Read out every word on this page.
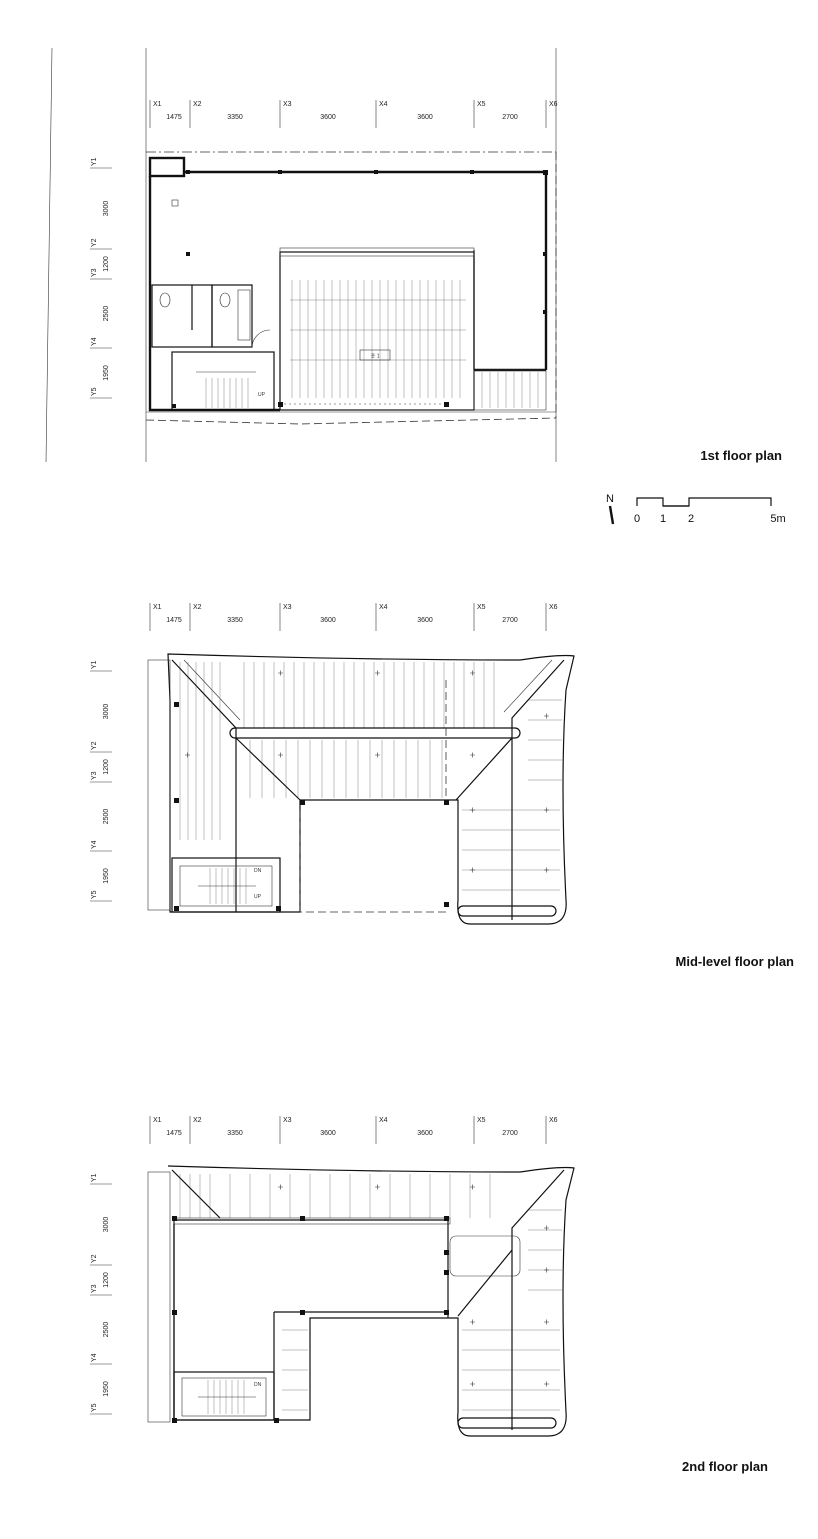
홀 1
UP
DN
UP
DN
X1	X2	X3	X4	X5	X6
1475	3350	3600	3600	2700
Y1
Y2
Y3
Y4
Y5
3000
1200
2500
1950
X1	X2	X3	X4	X5	X6
1475	3350	3600	3600	2700
Y1
Y2
Y3
Y4
Y5
3000
1200
2500
1950
X1	X2	X3	X4	X5	X6
1475	3350	3600	3600	2700
Y1
Y2
Y3
Y4
Y5
3000
1200
2500
1950
1st floor plan
Mid-level floor plan
2nd floor plan
N
0 1 2	5m
